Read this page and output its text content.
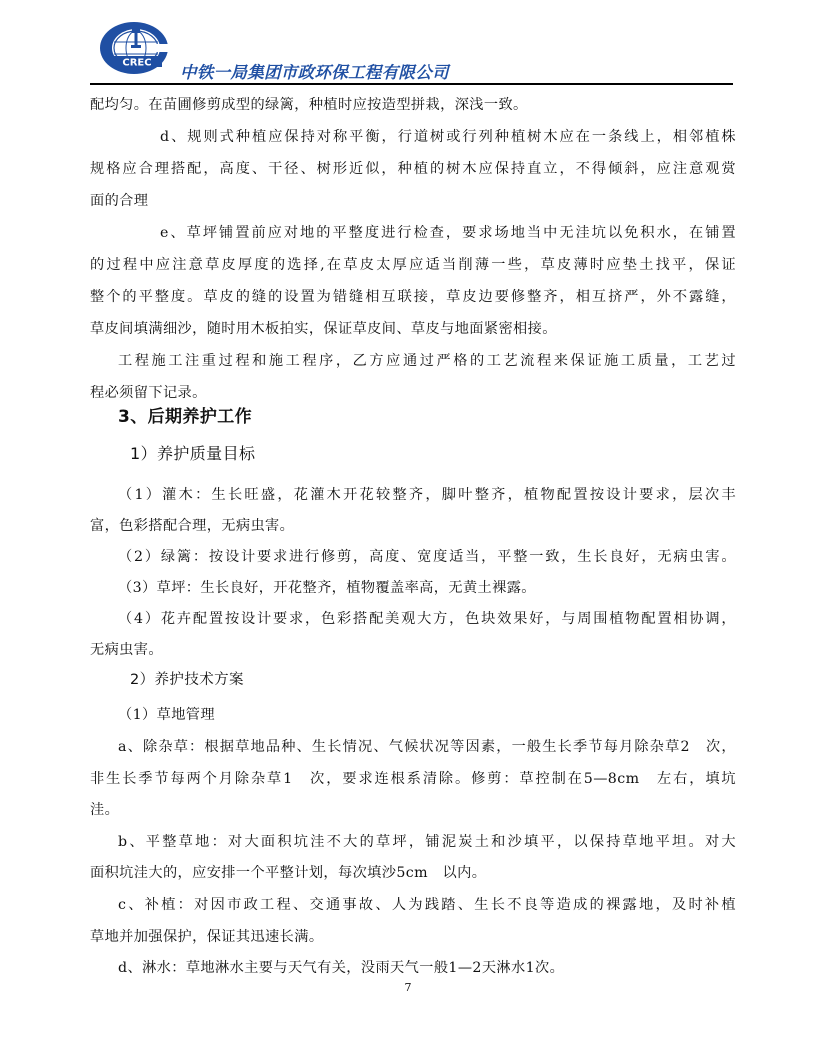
CREC 中铁一局集团市政环保工程有限公司
配均匀。在苗圃修剪成型的绿篱，种植时应按造型拼栽，深浅一致。
d、规则式种植应保持对称平衡，行道树或行列种植树木应在一条线上，相邻植株
规格应合理搭配，高度、干径、树形近似，种植的树木应保持直立，不得倾斜，应注意观赏
面的合理
e、草坪铺置前应对地的平整度进行检查，要求场地当中无洼坑以免积水，在铺置
的过程中应注意草皮厚度的选择,在草皮太厚应适当削薄一些，草皮薄时应垫土找平，保证
整个的平整度。草皮的缝的设置为错缝相互联接，草皮边要修整齐，相互挤严，外不露缝，
草皮间填满细沙，随时用木板拍实，保证草皮间、草皮与地面紧密相接。
工程施工注重过程和施工程序，乙方应通过严格的工艺流程来保证施工质量，工艺过
程必须留下记录。
（1）灌木：生长旺盛，花灌木开花较整齐，脚叶整齐，植物配置按设计要求，层次丰
富，色彩搭配合理，无病虫害。
（2）绿篱：按设计要求进行修剪，高度、宽度适当，平整一致，生长良好，无病虫害。
（3）草坪：生长良好，开花整齐，植物覆盖率高，无黄土裸露。
（4）花卉配置按设计要求，色彩搭配美观大方，色块效果好，与周围植物配置相协调，
无病虫害。
（1）草地管理
a、除杂草：根据草地品种、生长情况、气候状况等因素，一般生长季节每月除杂草2　次，
非生长季节每两个月除杂草1　次，要求连根系清除。修剪：草控制在5—8cm　左右，填坑
洼。
b、平整草地：对大面积坑洼不大的草坪，铺泥炭土和沙填平，以保持草地平坦。对大
面积坑洼大的，应安排一个平整计划，每次填沙5cm　以内。
c、补植：对因市政工程、交通事故、人为践踏、生长不良等造成的裸露地，及时补植
草地并加强保护，保证其迅速长满。
d、淋水：草地淋水主要与天气有关，没雨天气一般1—2天淋水1次。
3、后期养护工作
1）养护质量目标
2）养护技术方案
7
